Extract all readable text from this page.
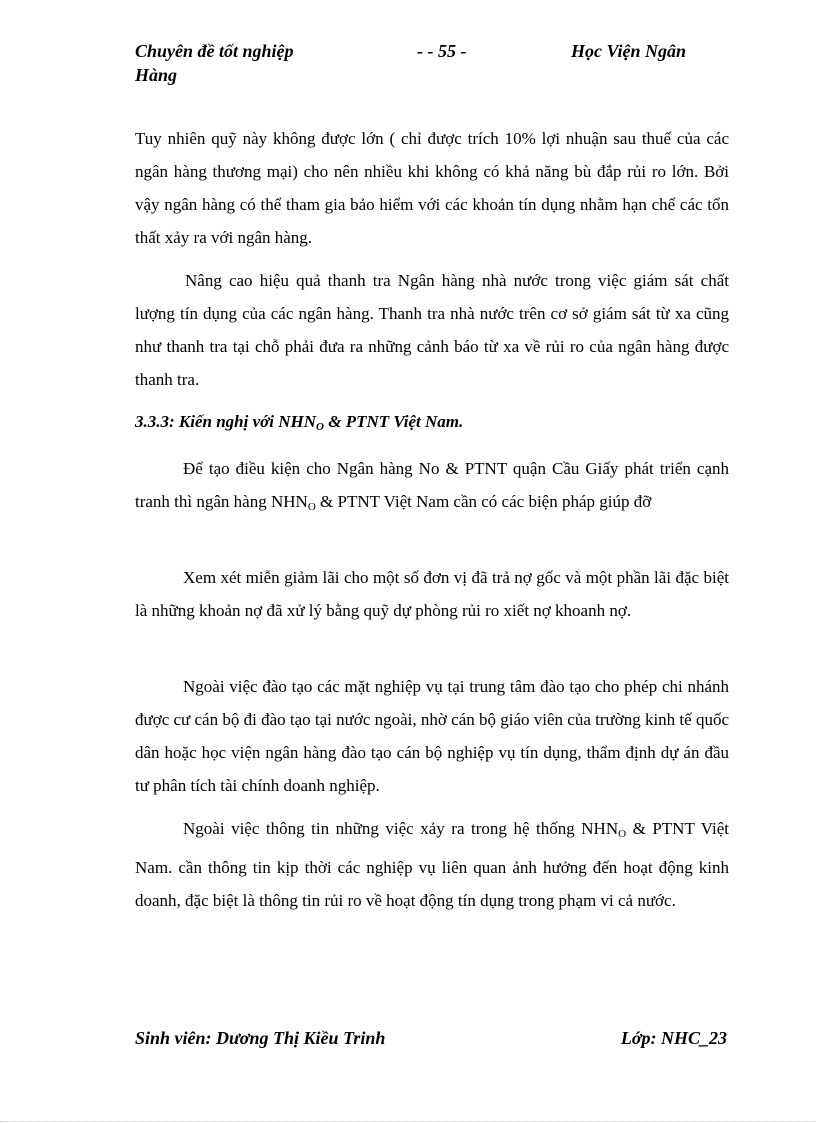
Chuyên đề tốt nghiệp
Hàng
- - 55 -	Học Viện Ngân

Tuy nhiên quỹ này không được lớn ( chỉ được trích 10% lợi nhuận sau thuế của các ngân hàng thương mại) cho nên nhiều khi không có khả năng bù đắp rủi ro lớn. Bởi vậy ngân hàng có thể tham gia bảo hiểm với các khoản tín dụng nhằm hạn chế các tổn thất xảy ra với ngân hàng.

Nâng cao hiệu quả thanh tra Ngân hàng nhà nước trong việc giám sát chất lượng tín dụng của các ngân hàng. Thanh tra nhà nước trên cơ sở giám sát từ xa cũng như thanh tra tại chỗ phải đưa ra những cảnh báo từ xa về rủi ro của ngân hàng được thanh tra.

3.3.3: Kiến nghị với $NHN_O$ & PTNT Việt Nam.

Để tạo điều kiện cho Ngân hàng No & PTNT quận Cầu Giấy phát triển cạnh tranh thì ngân hàng $NHN_O$ & PTNT Việt Nam cần có các biện pháp giúp đỡ

Xem xét miễn giảm lãi cho một số đơn vị đã trả nợ gốc và một phần lãi đặc biệt là những khoản nợ đã xử lý bằng quỹ dự phòng rủi ro xiết nợ khoanh nợ.

Ngoài việc đào tạo các mặt nghiệp vụ tại trung tâm đào tạo cho phép chi nhánh được cư cán bộ đi đào tạo tại nước ngoài, nhờ cán bộ giáo viên của trường kinh tế quốc dân hoặc học viện ngân hàng đào tạo cán bộ nghiệp vụ tín dụng, thẩm định dự án đầu tư phân tích tài chính doanh nghiệp.

Ngoài việc thông tin những việc xảy ra trong hệ thống $NHN_O$ & PTNT Việt Nam. cần thông tin kịp thời các nghiệp vụ liên quan ảnh hưởng đến hoạt động kinh doanh, đặc biệt là thông tin rủi ro về hoạt động tín dụng trong phạm vi cả nước.

Sinh viên: Dương Thị Kiều Trinh	Lớp: NHC_23
